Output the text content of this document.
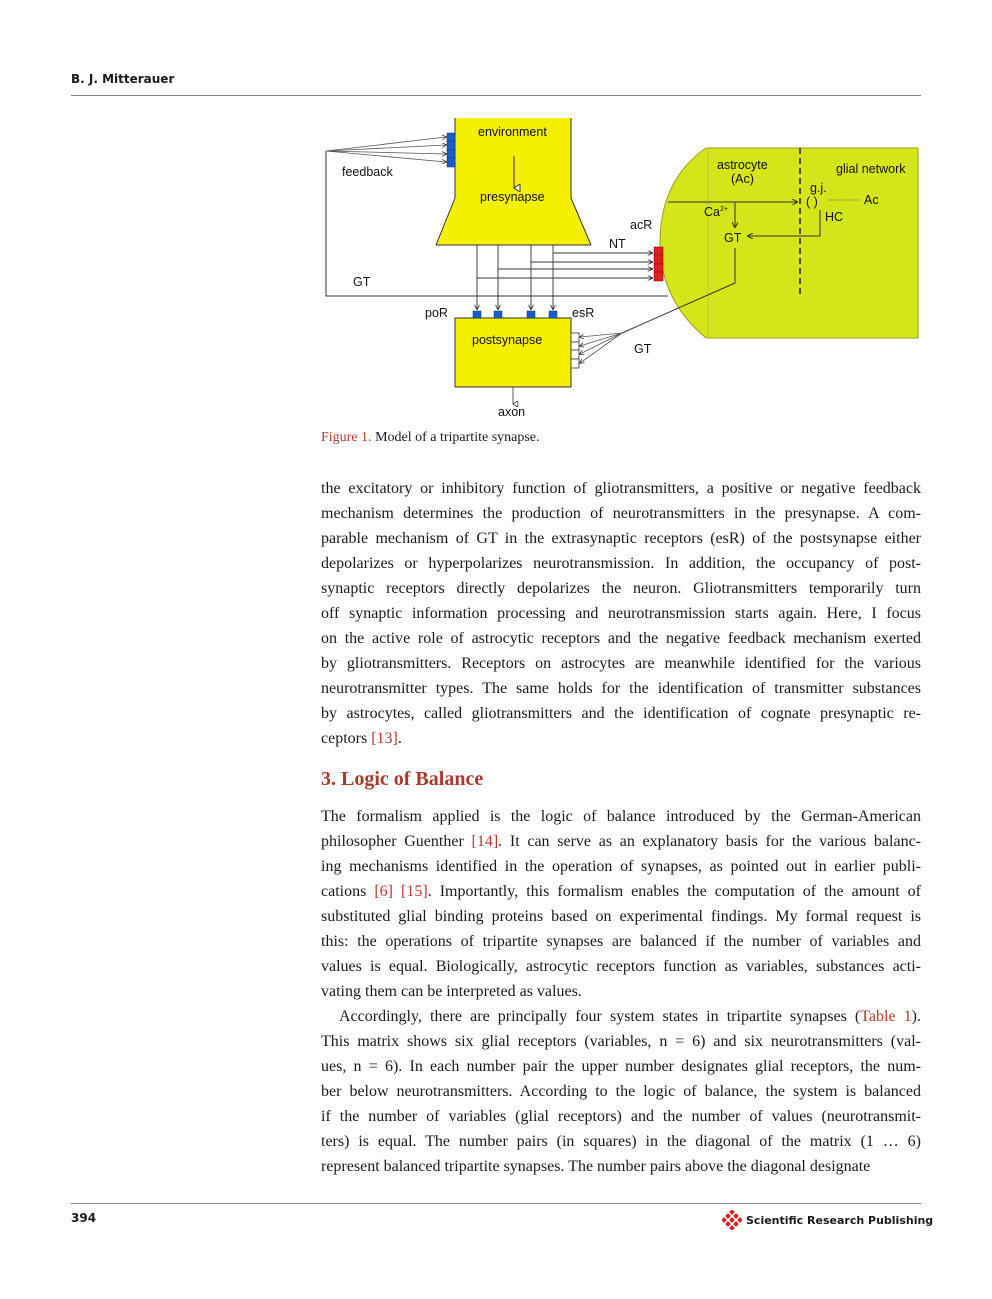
B. J. Mitterauer
environment
presynapse
feedback
GT
acR
NT
astrocyte
(Ac)
glial network
g.j.
( )	Ac
HC
$Ca^{2+}$
GT
poR	esR
postsynapse
GT
axon
Figure 1. Model of a tripartite synapse.
the excitatory or inhibitory function of gliotransmitters, a positive or negative feedback
mechanism determines the production of neurotransmitters in the presynapse. A com-
parable mechanism of GT in the extrasynaptic receptors (esR) of the postsynapse either
depolarizes or hyperpolarizes neurotransmission. In addition, the occupancy of post-
synaptic receptors directly depolarizes the neuron. Gliotransmitters temporarily turn
off synaptic information processing and neurotransmission starts again. Here, I focus
on the active role of astrocytic receptors and the negative feedback mechanism exerted
by gliotransmitters. Receptors on astrocytes are meanwhile identified for the various
neurotransmitter types. The same holds for the identification of transmitter substances
by astrocytes, called gliotransmitters and the identification of cognate presynaptic re-
ceptors [13].
3. Logic of Balance
The formalism applied is the logic of balance introduced by the German-American
philosopher Guenther [14]. It can serve as an explanatory basis for the various balanc-
ing mechanisms identified in the operation of synapses, as pointed out in earlier publi-
cations [6] [15]. Importantly, this formalism enables the computation of the amount of
substituted glial binding proteins based on experimental findings. My formal request is
this: the operations of tripartite synapses are balanced if the number of variables and
values is equal. Biologically, astrocytic receptors function as variables, substances acti-
vating them can be interpreted as values.
Accordingly, there are principally four system states in tripartite synapses (Table 1).
This matrix shows six glial receptors (variables, n = 6) and six neurotransmitters (val-
ues, n = 6). In each number pair the upper number designates glial receptors, the num-
ber below neurotransmitters. According to the logic of balance, the system is balanced
if the number of variables (glial receptors) and the number of values (neurotransmit-
ters) is equal. The number pairs (in squares) in the diagonal of the matrix (1 … 6)
represent balanced tripartite synapses. The number pairs above the diagonal designate
394	Scientific Research Publishing
